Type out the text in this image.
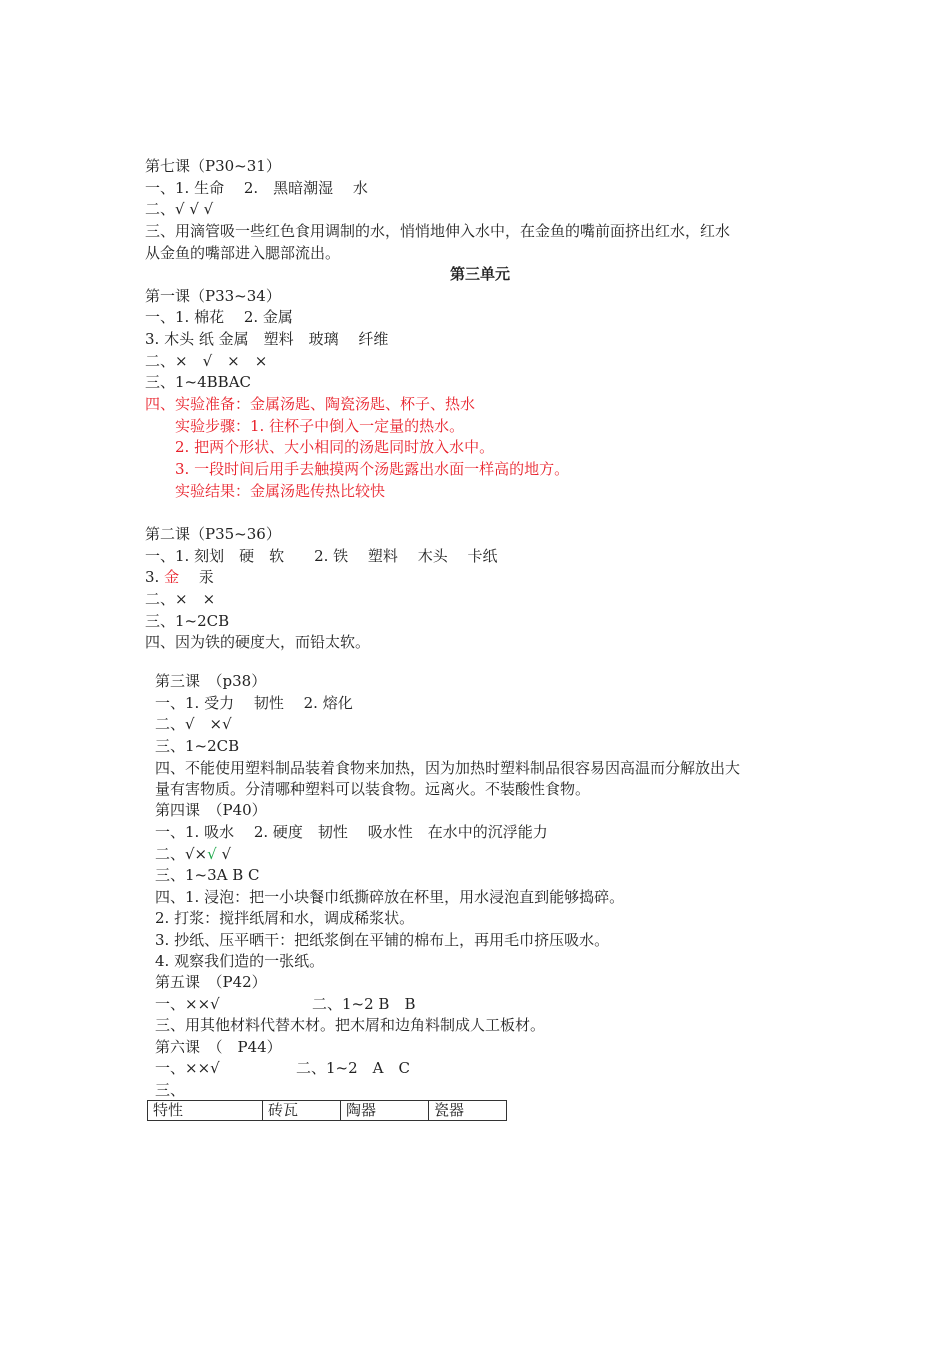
第七课（P30~31）
一、1. 生命　 2.　黑暗潮湿　 水
二、√ √ √
三、用滴管吸一些红色食用调制的水，悄悄地伸入水中，在金鱼的嘴前面挤出红水，红水
从金鱼的嘴部进入腮部流出。
第三单元
第一课（P33~34）
一、1. 棉花　 2. 金属
3. 木头 纸 金属　塑料　玻璃　 纤维
二、×　√　×　×
三、1~4BBAC
四、实验准备：金属汤匙、陶瓷汤匙、杯子、热水
实验步骤：1. 往杯子中倒入一定量的热水。
2. 把两个形状、大小相同的汤匙同时放入水中。
3. 一段时间后用手去触摸两个汤匙露出水面一样高的地方。
实验结果：金属汤匙传热比较快
第二课（P35~36）
一、1. 刻划　硬　软　　2. 铁　 塑料　 木头　 卡纸
3. 金　 汞
二、×　×
三、1~2CB
四、因为铁的硬度大，而铅太软。
第三课　（p38）
一、1. 受力　 韧性　 2. 熔化
二、√　×√
三、1~2CB
四、不能使用塑料制品装着食物来加热，因为加热时塑料制品很容易因高温而分解放出大
量有害物质。分清哪种塑料可以装食物。远离火。不装酸性食物。
第四课　（P40）
一、1. 吸水　 2. 硬度　韧性　 吸水性　在水中的沉浮能力
二、√×√ √
三、1~3A B C
四、1. 浸泡：把一小块餐巾纸撕碎放在杯里，用水浸泡直到能够捣碎。
2. 打浆：搅拌纸屑和水，调成稀浆状。
3. 抄纸、压平晒干：把纸浆倒在平铺的棉布上，再用毛巾挤压吸水。
4. 观察我们造的一张纸。
第五课　（P42）
一、××√	二、1~2 B　B
三、用其他材料代替木材。把木屑和边角料制成人工板材。
第六课　（　P44）
一、××√	二、1~2　A　C
三、
特性	砖瓦	陶器	瓷器
